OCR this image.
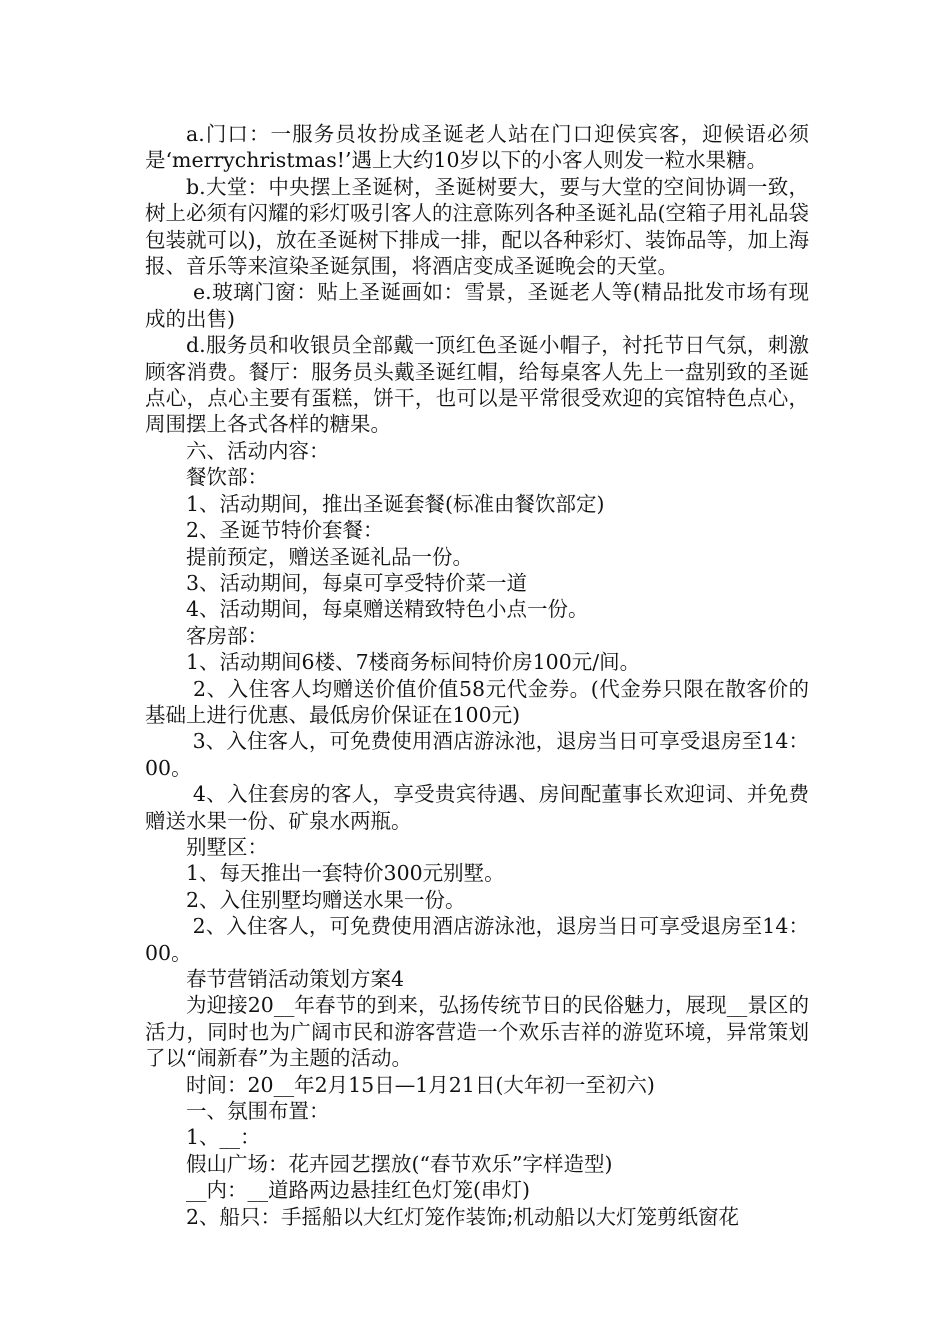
a.门口：一服务员妆扮成圣诞老人站在门口迎侯宾客，迎候语必须是‘merrychristmas!’遇上大约10岁以下的小客人则发一粒水果糖。

b.大堂：中央摆上圣诞树，圣诞树要大，要与大堂的空间协调一致，树上必须有闪耀的彩灯吸引客人的注意陈列各种圣诞礼品(空箱子用礼品袋包装就可以)，放在圣诞树下排成一排，配以各种彩灯、装饰品等，加上海报、音乐等来渲染圣诞氛围，将酒店变成圣诞晚会的天堂。

e.玻璃门窗：贴上圣诞画如：雪景，圣诞老人等(精品批发市场有现成的出售)

d.服务员和收银员全部戴一顶红色圣诞小帽子，衬托节日气氛，刺激顾客消费。餐厅：服务员头戴圣诞红帽，给每桌客人先上一盘别致的圣诞点心，点心主要有蛋糕，饼干，也可以是平常很受欢迎的宾馆特色点心，周围摆上各式各样的糖果。

六、活动内容：

餐饮部：

1、活动期间，推出圣诞套餐(标准由餐饮部定)

2、圣诞节特价套餐：

提前预定，赠送圣诞礼品一份。

3、活动期间，每桌可享受特价菜一道

4、活动期间，每桌赠送精致特色小点一份。

客房部：

1、活动期间6楼、7楼商务标间特价房100元/间。

2、入住客人均赠送价值价值58元代金券。(代金券只限在散客价的基础上进行优惠、最低房价保证在100元)

3、入住客人，可免费使用酒店游泳池，退房当日可享受退房至14：00。

4、入住套房的客人，享受贵宾待遇、房间配董事长欢迎词、并免费赠送水果一份、矿泉水两瓶。

别墅区：

1、每天推出一套特价300元别墅。

2、入住别墅均赠送水果一份。

2、入住客人，可免费使用酒店游泳池，退房当日可享受退房至14：00。

春节营销活动策划方案4

为迎接20__年春节的到来，弘扬传统节日的民俗魅力，展现__景区的活力，同时也为广阔市民和游客营造一个欢乐吉祥的游览环境，异常策划了以“闹新春”为主题的活动。

时间：20__年2月15日—1月21日(大年初一至初六)

一、氛围布置：

1、__：

假山广场：花卉园艺摆放(“春节欢乐”字样造型)

__内：__道路两边悬挂红色灯笼(串灯)

2、船只：手摇船以大红灯笼作装饰;机动船以大灯笼剪纸窗花
